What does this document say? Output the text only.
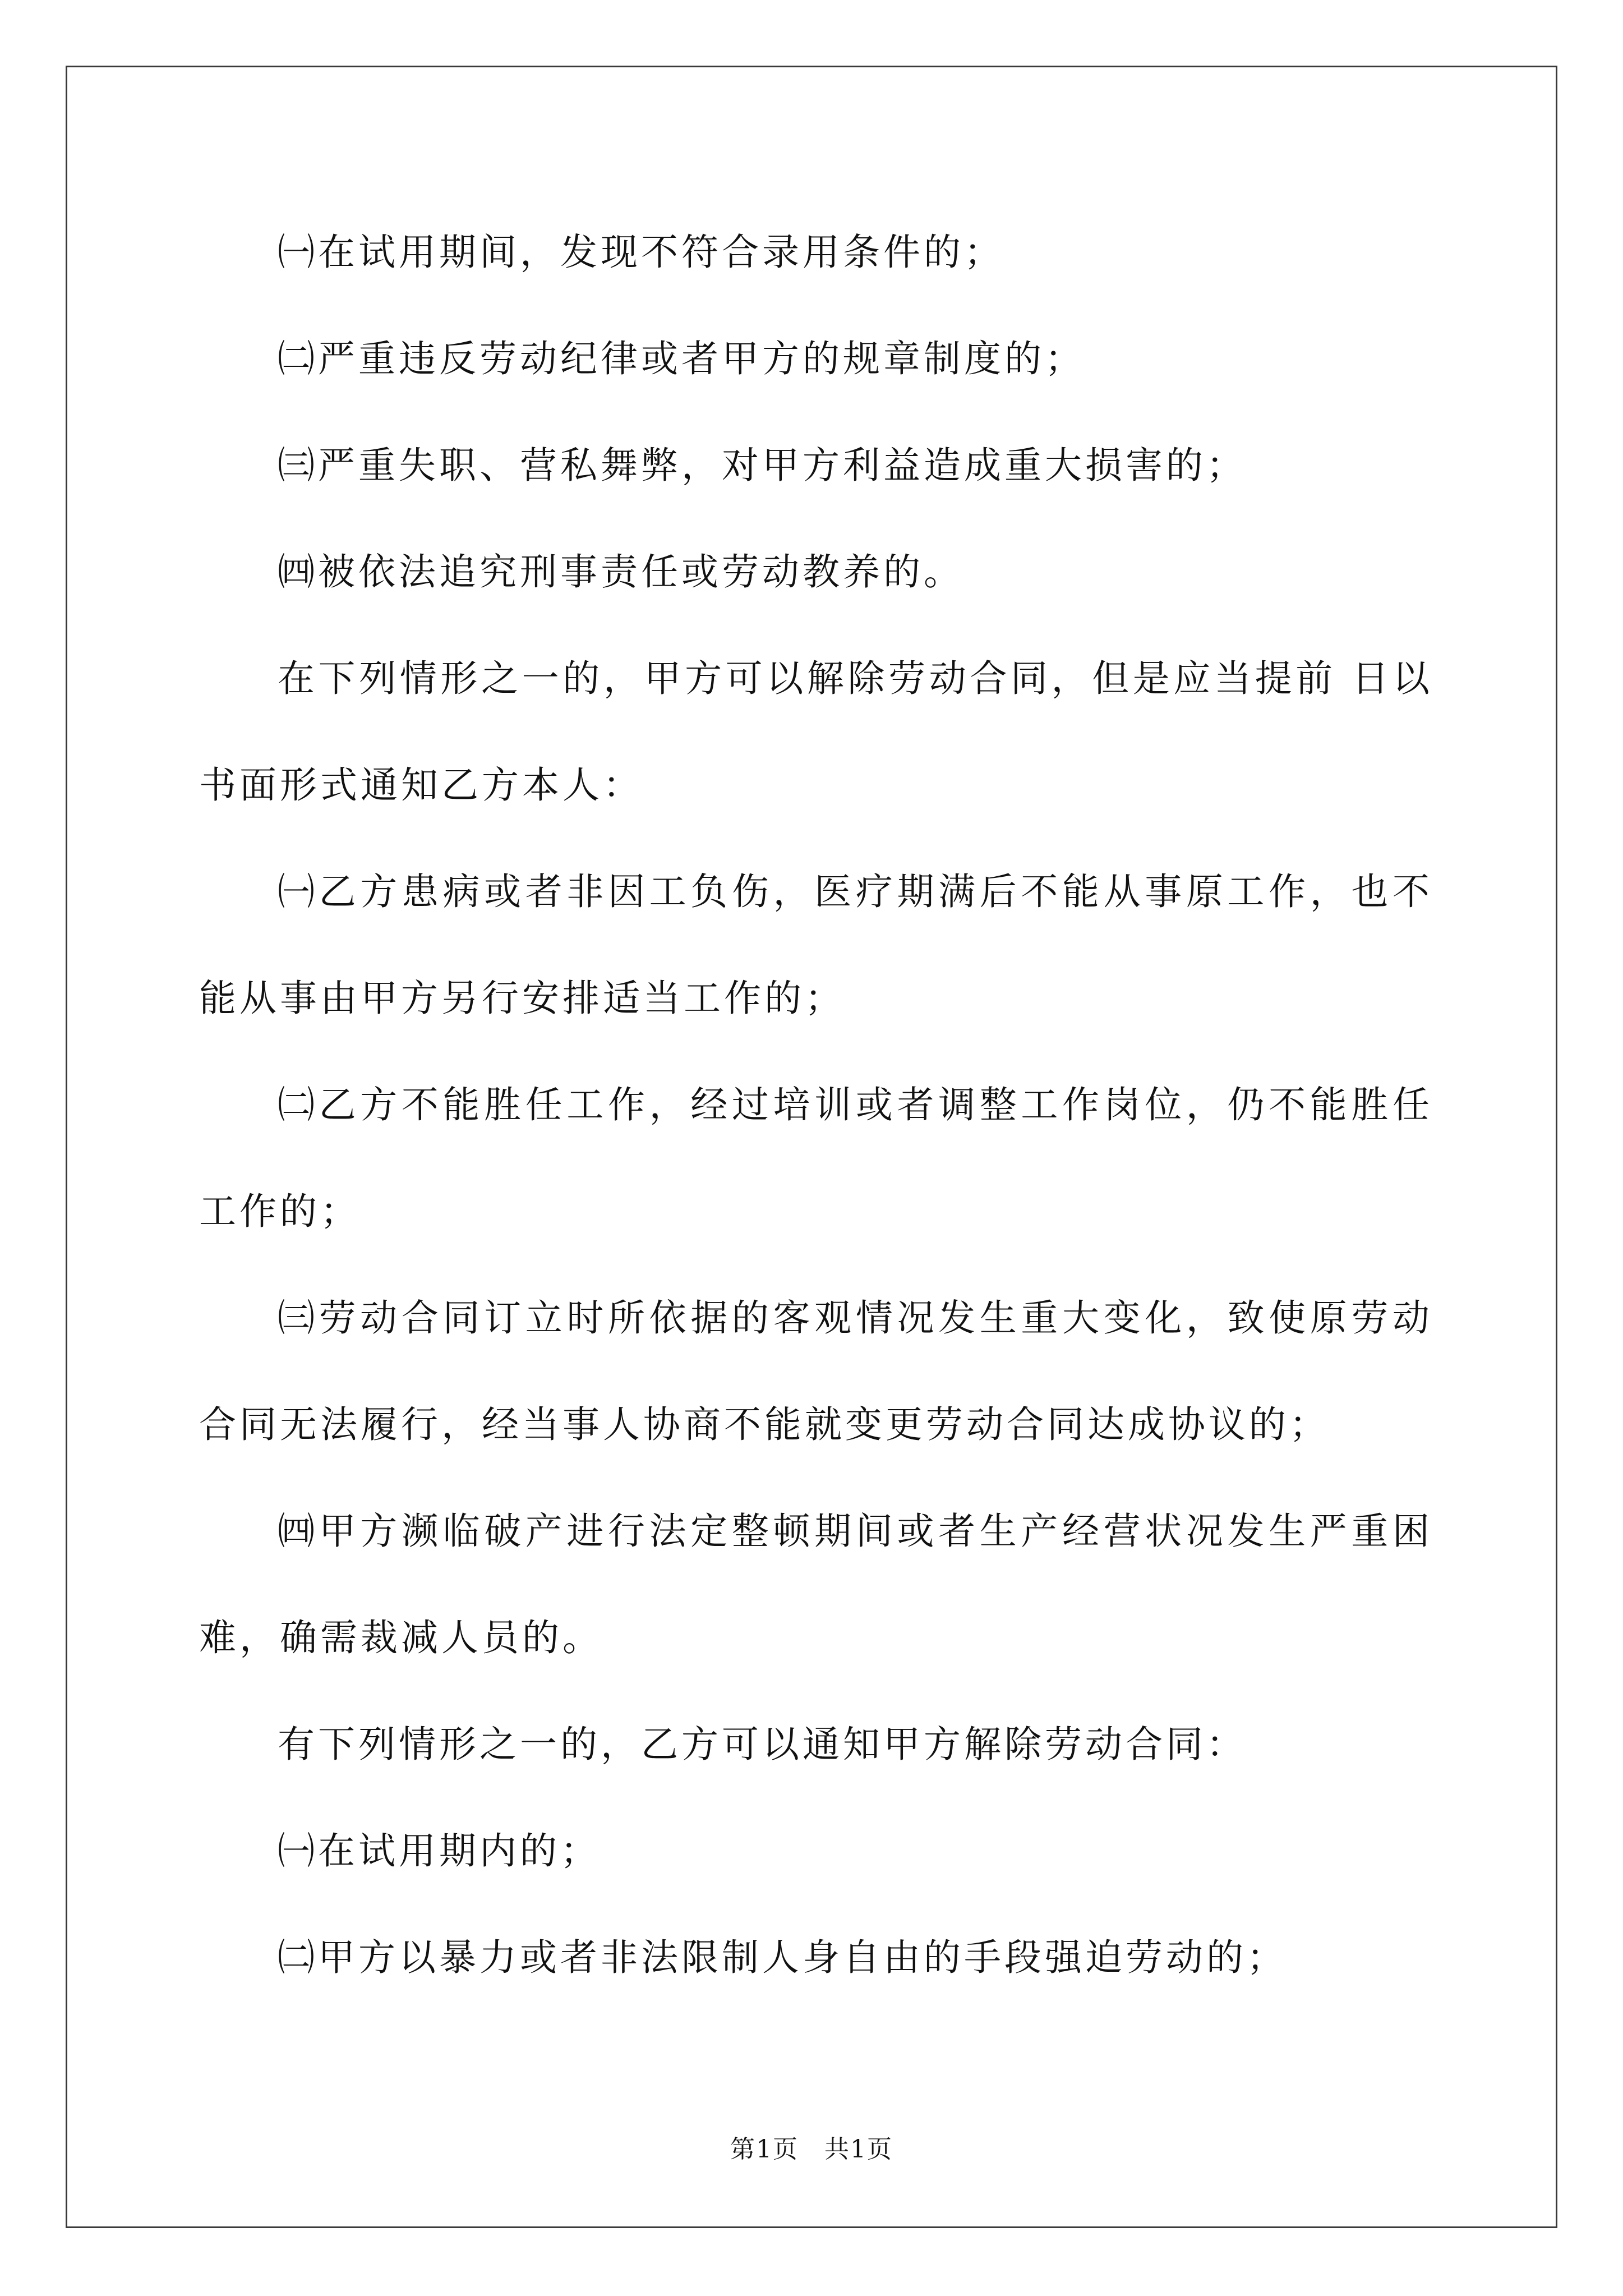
㈠在试用期间，发现不符合录用条件的；

㈡严重违反劳动纪律或者甲方的规章制度的；

㈢严重失职、营私舞弊，对甲方利益造成重大损害的；

㈣被依法追究刑事责任或劳动教养的。

在下列情形之一的，甲方可以解除劳动合同，但是应当提前 日以书面形式通知乙方本人：

㈠乙方患病或者非因工负伤，医疗期满后不能从事原工作，也不能从事由甲方另行安排适当工作的；

㈡乙方不能胜任工作，经过培训或者调整工作岗位，仍不能胜任工作的；

㈢劳动合同订立时所依据的客观情况发生重大变化，致使原劳动合同无法履行，经当事人协商不能就变更劳动合同达成协议的；

㈣甲方濒临破产进行法定整顿期间或者生产经营状况发生严重困难，确需裁减人员的。

有下列情形之一的，乙方可以通知甲方解除劳动合同：

㈠在试用期内的；

㈡甲方以暴力或者非法限制人身自由的手段强迫劳动的；

第1页　共1页
